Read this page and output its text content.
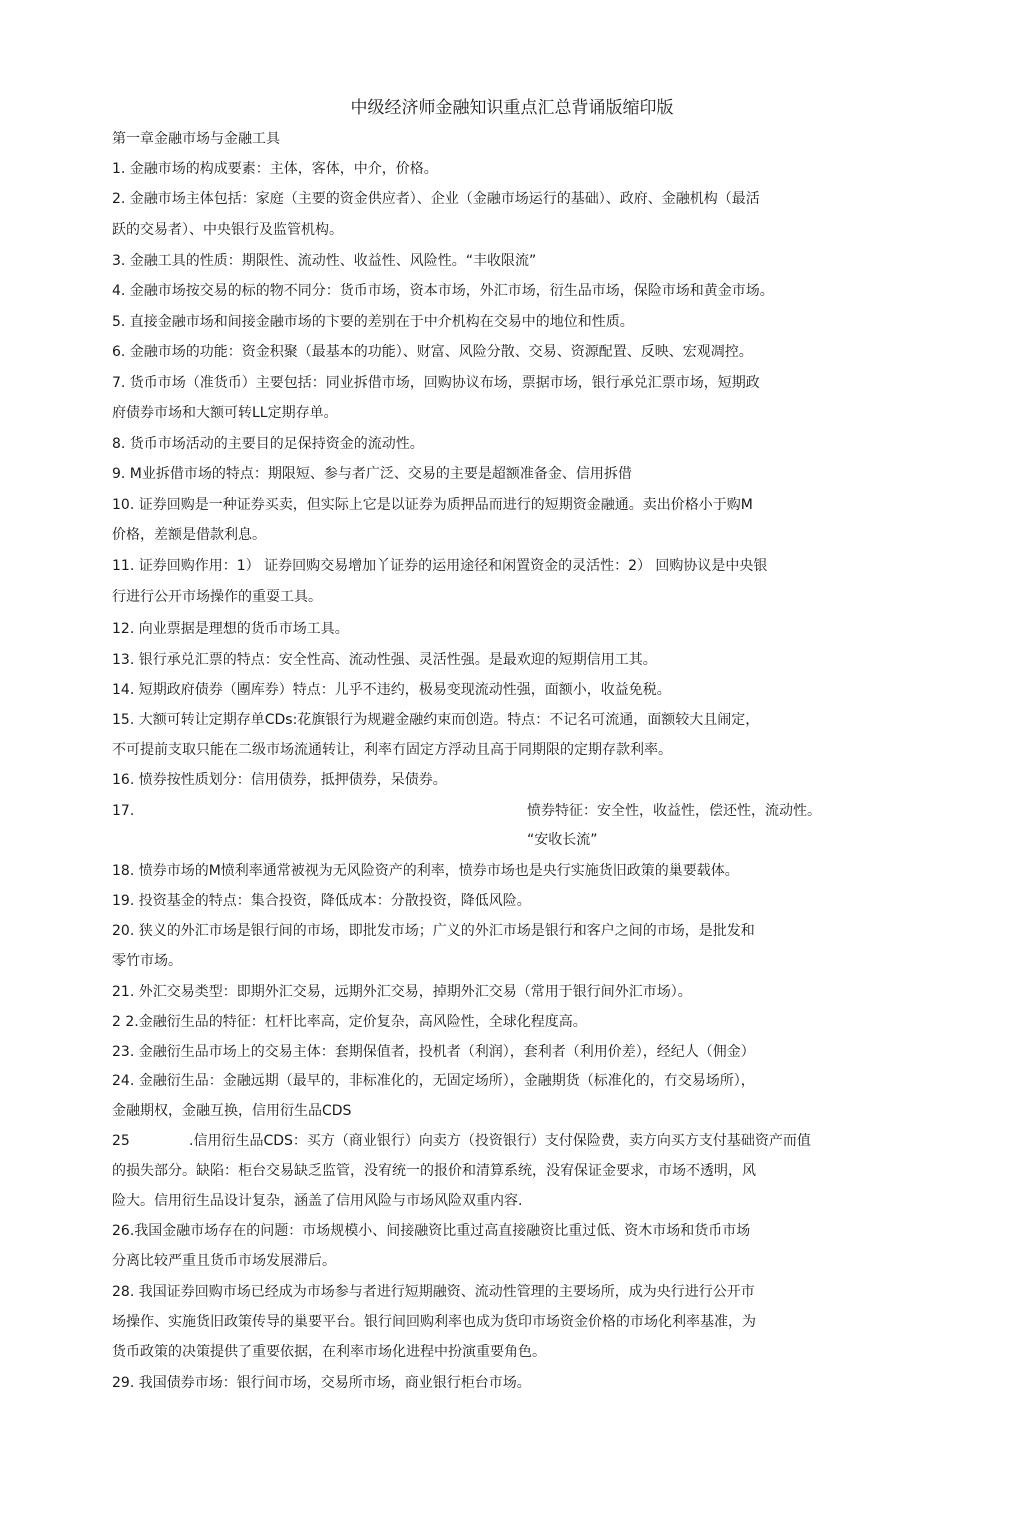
中级经济师金融知识重点汇总背诵版缩印版
第一章金融市场与金融工具
1. 金融市场的构成要素：主体，客体，中介，价格。
2. 金融市场主体包括：家庭（主要的资金供应者）、企业（金融市场运行的基础）、政府、金融机构（最活
跃的交易者）、中央银行及监管机构。
3. 金融工具的性质：期限性、流动性、收益性、风险性。“丰收限流”
4. 金融市场按交易的标的物不同分：货币市场，资本市场，外汇市场，衍生品市场，保险市场和黄金市场。
5. 直接金融市场和间接金融市场的卞要的差别在于中介机构在交易中的地位和性质。
6. 金融市场的功能：资金积聚（最基本的功能）、财富、风险分散、交易、资源配置、反映、宏观凋控。
7. 货币市场（准货币）主要包括：同业拆借市场，回购协议布场，票据市场，银行承兑汇票市场，短期政
府债券市场和大额可转LL定期存单。
8. 货币市场活动的主要目的足保持资金的流动性。
9. M业拆借市场的特点：期限短、参与者广泛、交易的主要是超额准备金、信用拆借
10. 证券回购是一种证券买卖，但实际上它是以证券为质押品而进行的短期资金融通。卖出价格小于购M
价格，差额是借款利息。
11. 证券回购作用：1） 证券回购交易增加丫证券的运用途径和闲置资金的灵活性：2） 回购协议是中央银
行进行公开市场操作的重耍工具。
12. 向业票据是理想的货币市场工具。
13. 银行承兑汇票的特点：安全性高、流动性强、灵活性强。是最欢迎的短期信用工其。
14. 短期政府债券（團库券）特点：儿乎不违约，极易变现流动性强，面额小，收益免税。
15. 大额可转让定期存单CDs:花旗银行为规避金融约束而创造。特点：不记名可流通，面额较大且闹定，
不可提前支取只能在二级市场流通转让，利率冇固定方浮动且高于同期限的定期存款利率。
16. 愤券按性质划分：信用债券，抵押债券，呆债券。
17.	愤券特征：安全性，收益性，偿还性，流动性。
“安收长流”
18. 愤券市场的M愤利率通常被视为无风险资产的利率，愤券市场也是央行实施货旧政策的巢要载体。
19. 投资基金的特点：集合投资，降低成本：分散投资，降低风险。
20. 狭义的外汇市场是银行间的市场，即批发市场；广义的外汇市场是银行和客户之间的市场，是批发和
零竹市场。
21. 外汇交易类型：即期外汇交易，远期外汇交易，掉期外汇交易（常用于银行间外汇市场）。
2 2.金融衍生品的特征：杠杆比率高，定价复杂，高风险性，全球化程度高。
23. 金融衍生品市场上的交易主体：套期保值者，投机者（利润），套利者（利用价差），经纪人（佣金）
24. 金融衍生品：金融远期（最早的，非标准化的，无固定场所），金融期货（标准化的，冇交易场所），
金融期权，金融互换，信用衍生品CDS
25	.信用衍生品CDS：买方（商业银行）向卖方（投资银行）支付保险费，卖方向买方支付基础资产而值
的损失部分。缺陷：柜台交易缺乏监管，没宥统一的报价和清算系统，没宥保证金要求，市场不透明，风
险大。信用衍生品设计复杂，涵盖了信用风险与市场风险双重内容.
26.我国金融市场存在的问题：市场规模小、间接融资比重过高直接融资比重过低、资木市场和货币市场
分离比较严重且货币市场发展滞后。
28. 我国证券回购市场已经成为市场参与者进行短期融资、流动性管理的主要场所，成为央行进行公开市
场操作、实施货旧政策传导的巢要平台。银行间回购利率也成为货印市场资金价格的市场化利率基准，为
货币政策的决策提供了重要依据，在利率市场化进程中扮演重要角色。
29. 我国债券市场：银行间市场，交易所市场，商业银行柜台市场。
